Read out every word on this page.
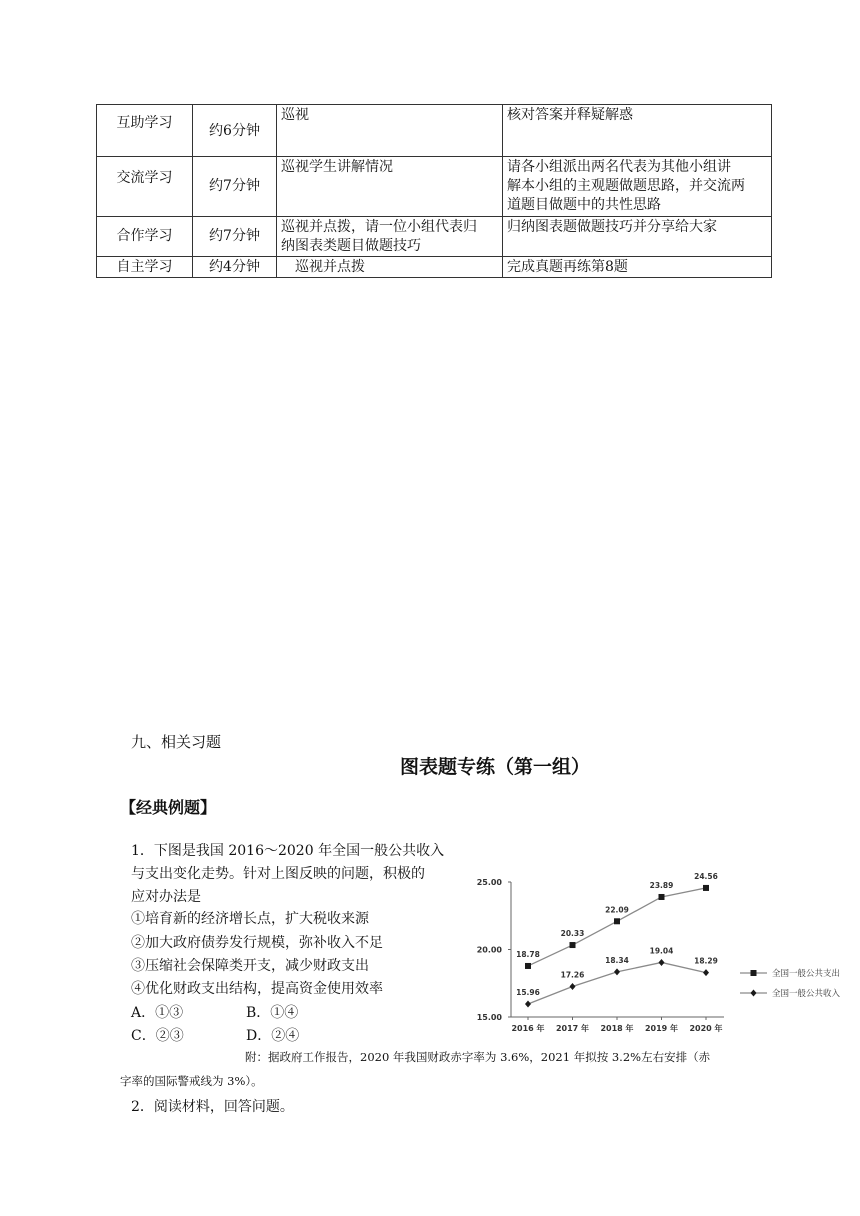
互助学习	约6分钟	巡视	核对答案并释疑解惑

交流学习	约7分钟	巡视学生讲解情况	请各小组派出两名代表为其他小组讲
解本小组的主观题做题思路，并交流两
道题目做题中的共性思路

合作学习	约7分钟	巡视并点拨，请一位小组代表归
纳图表类题目做题技巧	归纳图表题做题技巧并分享给大家

自主学习	约4分钟	巡视并点拨	完成真题再练第8题
九、相关习题
图表题专练（第一组）
【经典例题】
1．下图是我国 2016～2020 年全国一般公共收入
与支出变化走势。针对上图反映的问题，积极的
应对办法是
①培育新的经济增长点，扩大税收来源
②加大政府债券发行规模，弥补收入不足
③压缩社会保障类开支，减少财政支出
④优化财政支出结构，提高资金使用效率
A．①③	B．①④
C．②③	D．②④
附：据政府工作报告，2020 年我国财政赤字率为 3.6%，2021 年拟按 3.2%左右安排（赤
字率的国际警戒线为 3%）。
2．阅读材料，回答问题。
15.00
20.00
25.00
2016 年 2017 年 2018 年 2019 年 2020 年
18.78
20.33
22.09
23.89
24.56
全国一般公共支出
15.96
17.26
18.34
19.04
18.29
全国一般公共收入
